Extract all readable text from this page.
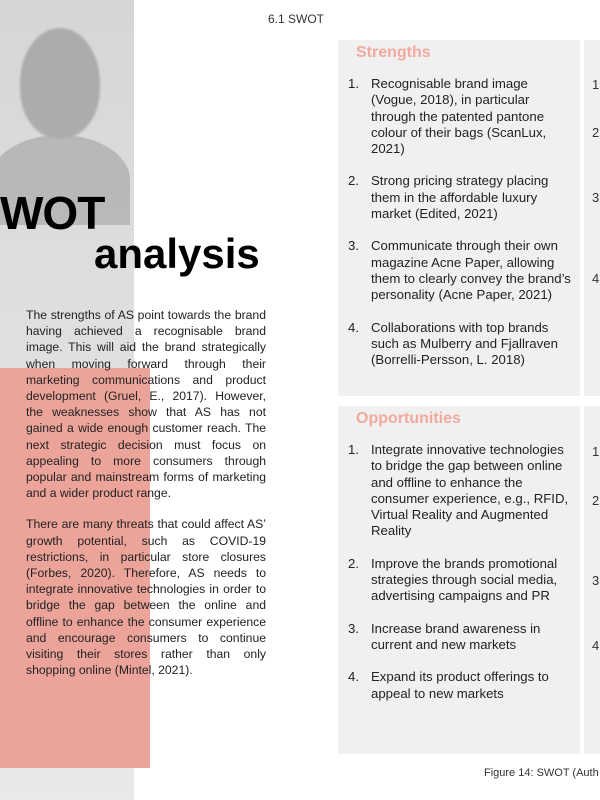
6.1 SWOT
WOT
analysis

The strengths of AS point towards the brand having achieved a recognisable brand image. This will aid the brand strategically when moving forward through their marketing communications and product development (Gruel, E., 2017). However, the weaknesses show that AS has not gained a wide enough customer reach. The next strategic decision must focus on appealing to more consumers through popular and mainstream forms of marketing and a wider product range.

There are many threats that could affect AS’ growth potential, such as COVID-19 restrictions, in particular store closures (Forbes, 2020). Therefore, AS needs to integrate innovative technologies in order to bridge the gap between the online and offline to enhance the consumer experience and encourage consumers to continue visiting their stores rather than only shopping online (Mintel, 2021).

Strengths
1. Recognisable brand image (Vogue, 2018), in particular through the patented pantone colour of their bags (ScanLux, 2021)
2. Strong pricing strategy placing them in the affordable luxury market (Edited, 2021)
3. Communicate through their own magazine Acne Paper, allowing them to clearly convey the brand’s personality (Acne Paper, 2021)
4. Collaborations with top brands such as Mulberry and Fjallraven (Borrelli-Persson, L. 2018)
Opportunities
1. Integrate innovative technologies to bridge the gap between online and offline to enhance the consumer experience, e.g., RFID, Virtual Reality and Augmented Reality
2. Improve the brands promotional strategies through social media, advertising campaigns and PR
3. Increase brand awareness in current and new markets
4. Expand its product offerings to appeal to new markets
1
2
3
4
1
2
3
4
Figure 14: SWOT (Auth
